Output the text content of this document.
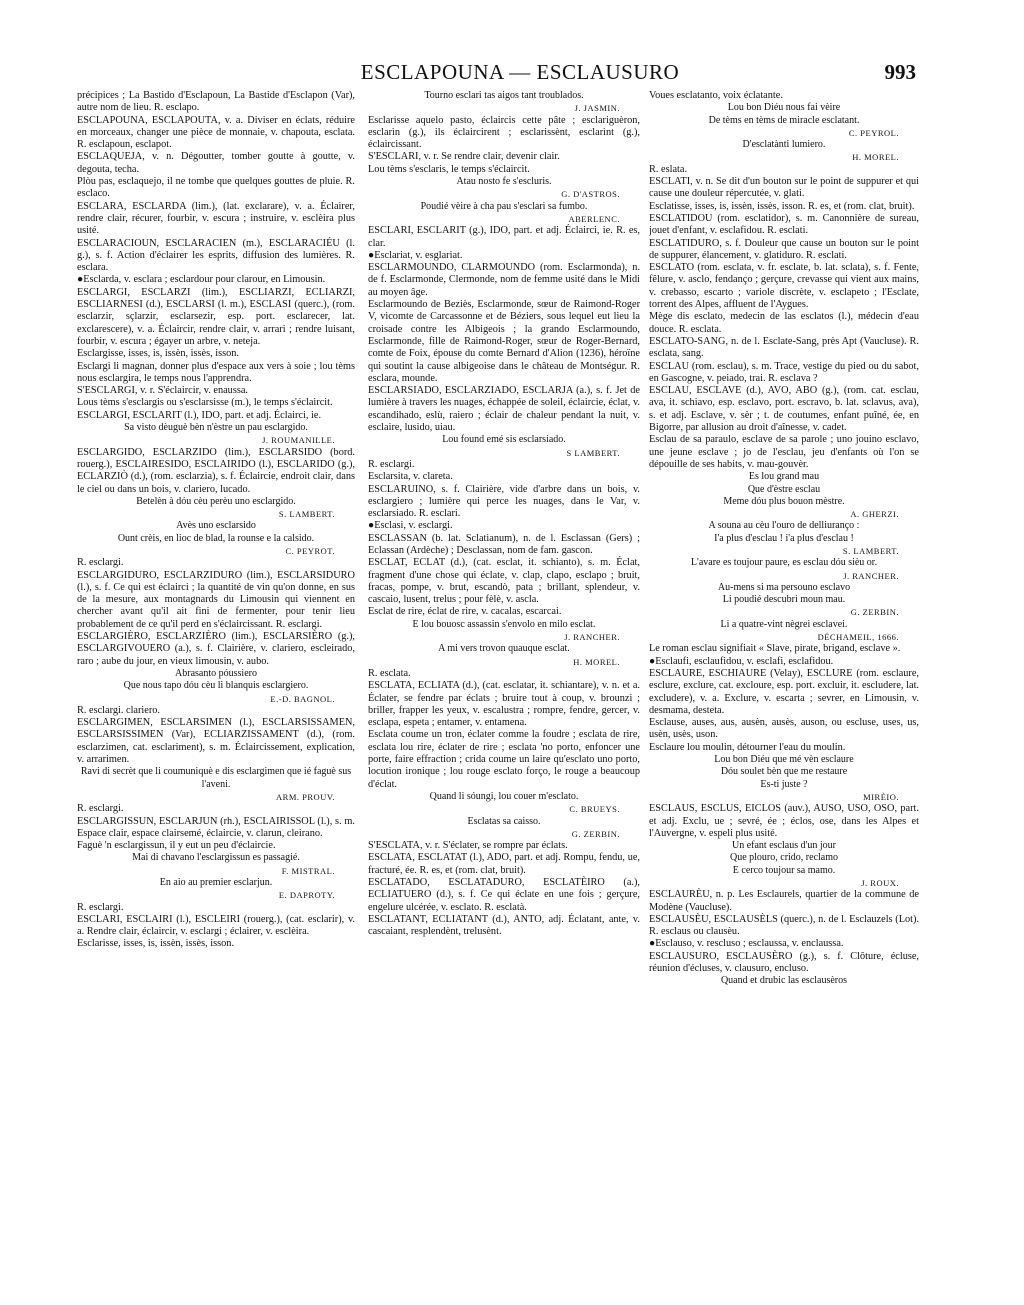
ESCLAPOUNA — ESCLAUSURO	993

précipices ; La Bastido d'Esclapoun, La Bastide d'Esclapon (Var), autre nom de lieu. R. esclapo.

ESCLAPOUNA, ESCLAPOUTA, v. a. Diviser en éclats, réduire en morceaux, changer une pièce de monnaie, v. chapouta, esclata. R. esclapoun, esclapot.

ESCLAQUEJA, v. n. Dégoutter, tomber goutte à goutte, v. degouta, techa.

Plòu pas, esclaquejo, il ne tombe que quelques gouttes de pluie. R. esclaco.

ESCLARA, ESCLARDA (lim.), (lat. exclarare), v. a. Éclairer, rendre clair, récurer, fourbir, v. escura ; instruire, v. esclèira plus usité.

ESCLARACIOUN, ESCLARACIEN (m.), ESCLARACIÉU (l. g.), s. f. Action d'éclairer les esprits, diffusion des lumières. R. esclara.

●Esclarda, v. esclara ; esclardour pour clarour, en Limousin.

ESCLARGI, ESCLARZI (lim.), ESCLIARZI, ECLIARZI, ESCLIARNESI (d.), ESCLARSI (l. m.), ESCLASI (querc.), (rom. esclarzir, sçlarzir, esclarsezir, esp. port. esclarecer, lat. exclarescere), v. a. Éclaircir, rendre clair, v. arrari ; rendre luisant, fourbir, v. escura ; égayer un arbre, v. neteja.

Esclargisse, isses, is, issèn, issès, isson.

Esclargi li magnan, donner plus d'espace aux vers à soie ; lou tèms nous esclargira, le temps nous l'apprendra.

S'ESCLARGI, v. r. S'éclaircir, v. enaussa.

Lous tèms s'esclargis ou s'esclarsisse (m.), le temps s'éclaircit.

ESCLARGI, ESCLARIT (l.), IDO, part. et adj. Éclairci, ie.

Sa visto dèuguè bèn n'èstre un pau esclargido.

J. ROUMANILLE.

ESCLARGIDO, ESCLARZIDO (lim.), ESCLARSIDO (bord. rouerg.), ESCLAIRESIDO, ESCLAIRIDO (l.), ESCLARIDO (g.), ECLARZIÒ (d.), (rom. esclarzia), s. f. Éclaircie, endroit clair, dans le ciel ou dans un bois, v. clariero, lucado.

Betelèn à dóu cèu perèu uno esclargido.

S. LAMBERT.

Avès uno esclarsido

Ount crèis, en lioc de blad, la rounse e la calsido.

C. PEYROT.

R. esclargi.

ESCLARGIDURO, ESCLARZIDURO (lim.), ESCLARSIDURO (l.), s. f. Ce qui est éclairci ; la quantité de vin qu'on donne, en sus de la mesure, aux montagnards du Limousin qui viennent en chercher avant qu'il ait fini de fermenter, pour tenir lieu probablement de ce qu'il perd en s'éclaircissant. R. esclargi.

ESCLARGIÈRO, ESCLARZIÈRO (lim.), ESCLARSIÈRO (g.), ESCLARGIVOUERO (a.), s. f. Clairière, v. clariero, escleirado, raro ; aube du jour, en vieux limousin, v. aubo.

Abrasanto póussiero

Que nous tapo dóu cèu li blanquis esclargiero.

E.-D. BAGNOL.

R. esclargi. clariero.

ESCLARGIMEN, ESCLARSIMEN (l.), ESCLARSISSAMEN, ESCLARSISSIMEN (Var), ECLIARZISSAMENT (d.), (rom. esclarzimen, cat. esclariment), s. m. Éclaircissement, explication, v. arrarimen.

Ravi di secrèt que li coumuniquè e dis esclargimen que ié faguè sus l'aveni.

ARM. PROUV.

R. esclargi.

ESCLARGISSUN, ESCLARJUN (rh.), ESCLAIRISSOL (l.), s. m. Espace clair, espace clairsemé, éclaircie, v. clarun, cleirano.

Faguè 'n esclargissun, il y eut un peu d'éclaircie.

Mai di chavano l'esclargissun es passagié.

F. MISTRAL.

En aio au premier esclarjun.

E. DAPROTY.

R. esclargi.

ESCLARI, ESCLAIRI (l.), ESCLEIRI (rouerg.), (cat. esclarir), v. a. Rendre clair, éclaircir, v. esclargi ; éclairer, v. esclèira.

Esclarisse, isses, is, issèn, issès, isson.

Tourno esclari tas aigos tant troublados.

J. JASMIN.

Esclarisse aquelo pasto, éclaircis cette pâte ; esclariguèron, esclarìn (g.), ils éclaircirent ; esclarissènt, esclarìnt (g.), éclaircissant.

S'ESCLARI, v. r. Se rendre clair, devenir clair.

Lou tèms s'esclaris, le temps s'éclaircit.

Atau nosto fe s'escluris.

G. D'ASTROS.

Poudié vèire à cha pau s'esclari sa fumbo.

ABERLENC.

ESCLARI, ESCLARIT (g.), IDO, part. et adj. Éclairci, ie. R. es, clar.

●Esclariat, v. esglariat.

ESCLARMOUNDO, CLARMOUNDO (rom. Esclarmonda), n. de f. Esclarmonde, Clermonde, nom de femme usité dans le Midi au moyen âge.

Esclarmoundo de Beziès, Esclarmonde, sœur de Raimond-Roger V, vicomte de Carcassonne et de Béziers, sous lequel eut lieu la croisade contre les Albigeois ; la grando Esclarmoundo, Esclarmonde, fille de Raimond-Roger, sœur de Roger-Bernard, comte de Foix, épouse du comte Bernard d'Alion (1236), héroïne qui soutint la cause albigeoise dans le château de Montségur. R. esclara, mounde.

ESCLARSIADO, ESCLARZIADO, ESCLARJA (a.), s. f. Jet de lumière à travers les nuages, échappée de soleil, éclaircie, éclat, v. escandihado, eslù, raiero ; éclair de chaleur pendant la nuit, v. esclaire, lusido, uiau.

Lou found emé sis esclarsiado.

S LAMBERT.

R. esclargi.

Esclarsita, v. clareta.

ESCLARUINO, s. f. Clairière, vide d'arbre dans un bois, v. esclargiero ; lumière qui perce les nuages, dans le Var, v. esclarsiado. R. esclari.

●Esclasi, v. esclargi.

ESCLASSAN (b. lat. Sclatianum), n. de l. Esclassan (Gers) ; Eclassan (Ardèche) ; Desclassan, nom de fam. gascon.

ESCLAT, ECLAT (d.), (cat. esclat, it. schianto), s. m. Éclat, fragment d'une chose qui éclate, v. clap, clapo, esclapo ; bruit, fracas, pompe, v. brut, escandò, pata ; brillant, splendeur, v. cascaio, lusent, trelus ; pour fèlè, v. ascla.

Esclat de rire, éclat de rire, v. cacalas, escarcai.

E lou bouosc assassin s'envolo en milo esclat.

J. RANCHER.

A mi vers trovon quauque esclat.

H. MOREL.

R. esclata.

ESCLATA, ECLIATA (d.), (cat. esclatar, it. schiantare), v. n. et a. Éclater, se fendre par éclats ; bruire tout à coup, v. brounzi ; briller, frapper les yeux, v. escalustra ; rompre, fendre, gercer, v. esclapa, espeta ; entamer, v. entamena.

Esclata coume un tron, éclater comme la foudre ; esclata de rire, esclata lou rire, éclater de rire ; esclata 'no porto, enfoncer une porte, faire effraction ; crida coume un laire qu'esclato uno porto, locution ironique ; lou rouge esclato forço, le rouge a beaucoup d'éclat.

Quand li sóungi, lou couer m'esclato.

C. BRUEYS.

Esclatas sa caisso.

G. ZERBIN.

S'ESCLATA, v. r. S'éclater, se rompre par éclats.

ESCLATA, ESCLATAT (l.), ADO, part. et adj. Rompu, fendu, ue, fracturé, ée. R. es, et (rom. clat, bruit).

ESCLATADO, ESCLATADURO, ESCLATÈIRO (a.), ECLIATUERO (d.), s. f. Ce qui éclate en une fois ; gerçure, engelure ulcérée, v. esclato. R. esclatà.

ESCLATANT, ECLIATANT (d.), ANTO, adj. Éclatant, ante, v. cascaiant, resplendènt, trelusènt.

Voues esclatanto, voix éclatante.

Lou bon Diéu nous fai vèire

De tèms en tèms de miracle esclatant.

C. PEYROL.

D'esclatànti lumiero.

H. MOREL.

R. eslata.

ESCLATI, v. n. Se dit d'un bouton sur le point de suppurer et qui cause une douleur répercutée, v. glati.

Esclatisse, isses, is, issèn, issès, isson. R. es, et (rom. clat, bruit).

ESCLATIDOU (rom. esclatidor), s. m. Canonnière de sureau, jouet d'enfant, v. esclafidou. R. esclati.

ESCLATIDURO, s. f. Douleur que cause un bouton sur le point de suppurer, élancement, v. glatiduro. R. esclati.

ESCLATO (rom. esclata, v. fr. esclate, b. lat. sclata), s. f. Fente, fêlure, v. asclo, fendanço ; gerçure, crevasse qui vient aux mains, v. crebasso, escarto ; variole discrète, v. esclapeto ; l'Esclate, torrent des Alpes, affluent de l'Aygues.

Mège dis esclato, medecin de las esclatos (l.), médecin d'eau douce. R. esclata.

ESCLATO-SANG, n. de l. Esclate-Sang, près Apt (Vaucluse). R. esclata, sang.

ESCLAU (rom. esclau), s. m. Trace, vestige du pied ou du sabot, en Gascogne, v. peiado, trai. R. esclava ?

ESCLAU, ESCLAVE (d.), AVO, ABO (g.), (rom. cat. esclau, ava, it. schiavo, esp. esclavo, port. escravo, b. lat. sclavus, ava), s. et adj. Esclave, v. sèr ; t. de coutumes, enfant puîné, ée, en Bigorre, par allusion au droit d'aînesse, v. cadet.

Esclau de sa paraulo, esclave de sa parole ; uno jouino esclavo, une jeune esclave ; jo de l'esclau, jeu d'enfants où l'on se dépouille de ses habits, v. mau-gouvèr.

Es lou grand mau

Que d'èstre esclau

Meme dóu plus bouon mèstre.

A. GHERZI.

A souna au cèu l'ouro de delliuranço :

I'a plus d'esclau ! i'a plus d'esclau !

S. LAMBERT.

L'avare es toujour paure, es esclau dóu sièu or.

J. RANCHER.

Au-mens si ma persouno esclavo

Li poudié descubri moun mau.

G. ZERBIN.

Li a quatre-vint nègrei esclavei.

DÉCHAMEIL, 1666.

Le roman esclau signifiait « Slave, pirate, brigand, esclave ».

●Esclaufi, esclaufidou, v. esclafi, esclafidou.

ESCLAURE, ESCHIAURE (Velay), ESCLURE (rom. esclaure, esclure, exclure, cat. excloure, esp. port. excluir, it. escludere, lat. excludere), v. a. Exclure, v. escarta ; sevrer, en Limousin, v. desmama, desteta.

Esclause, auses, aus, ausèn, ausès, auson, ou escluse, uses, us, usèn, usès, uson.

Esclaure lou moulin, détourner l'eau du moulin.

Lou bon Diéu que mé vèn esclaure

Dóu soulet bèn que me restaure

Es-ti juste ?

MIRÈIO.

ESCLAUS, ESCLUS, EICLOS (auv.), AUSO, USO, OSO, part. et adj. Exclu, ue ; sevré, ée ; éclos, ose, dans les Alpes et l'Auvergne, v. espeli plus usité.

Un efant esclaus d'un jour

Que plouro, crido, reclamo

E cerco toujour sa mamo.

J. ROUX.

ESCLAURÈU, n. p. Les Esclaurels, quartier de la commune de Modène (Vaucluse).

ESCLAUSÈU, ESCLAUSÈLS (querc.), n. de l. Esclauzels (Lot). R. esclaus ou clausèu.

●Esclauso, v. rescluso ; esclaussa, v. enclaussa.

ESCLAUSURO, ESCLAUSÈRO (g.), s. f. Clôture, écluse, réunion d'écluses, v. clausuro, encluso.

Quand et drubic las esclausèros
